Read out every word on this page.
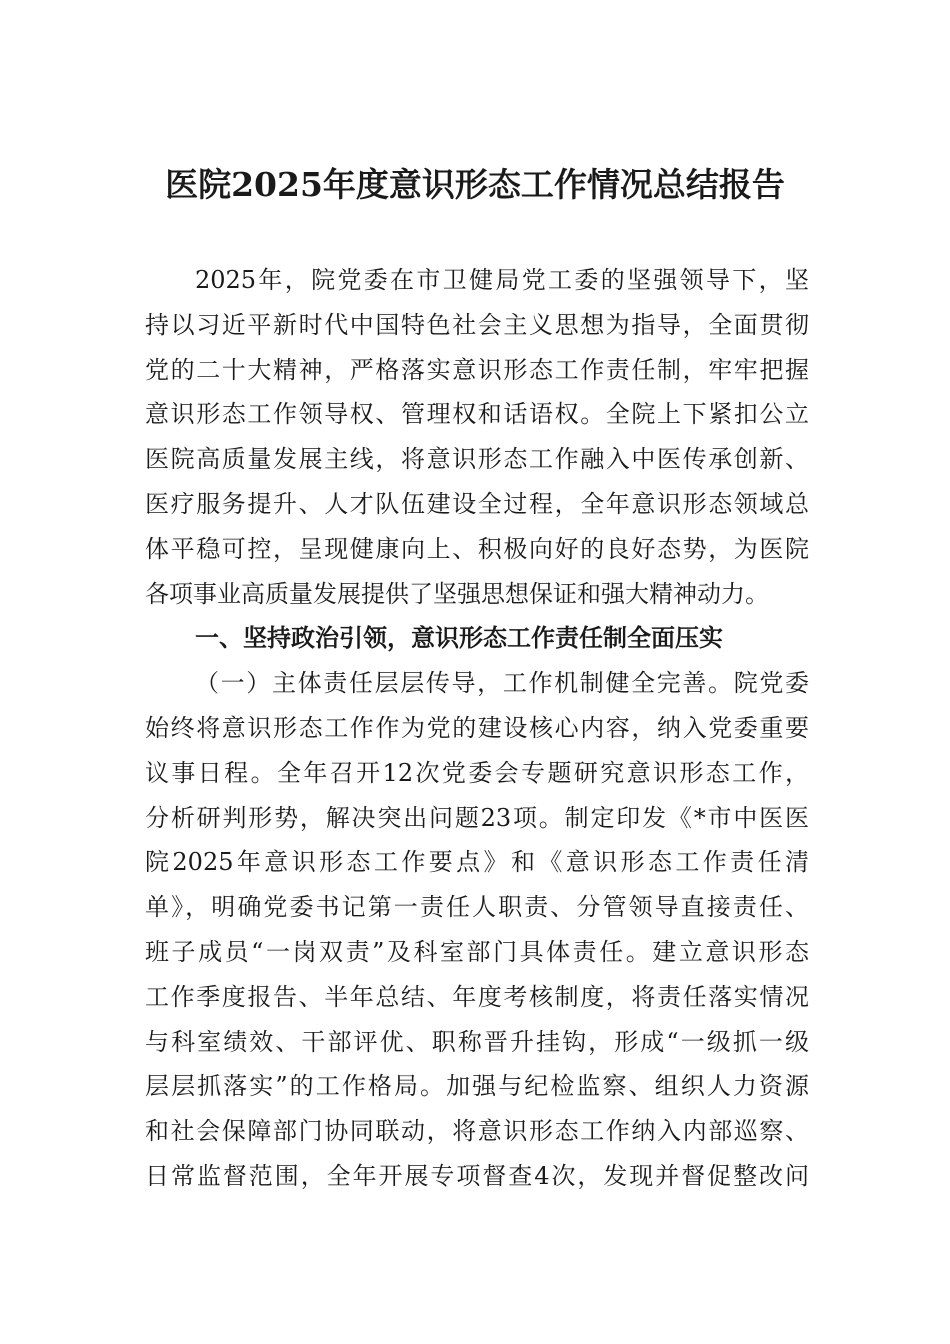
医院2025年度意识形态工作情况总结报告
2025年，院党委在市卫健局党工委的坚强领导下，坚
持以习近平新时代中国特色社会主义思想为指导，全面贯彻
党的二十大精神，严格落实意识形态工作责任制，牢牢把握
意识形态工作领导权、管理权和话语权。全院上下紧扣公立
医院高质量发展主线，将意识形态工作融入中医传承创新、
医疗服务提升、人才队伍建设全过程，全年意识形态领域总
体平稳可控，呈现健康向上、积极向好的良好态势，为医院
各项事业高质量发展提供了坚强思想保证和强大精神动力。
一、坚持政治引领，意识形态工作责任制全面压实
（一）主体责任层层传导，工作机制健全完善。院党委
始终将意识形态工作作为党的建设核心内容，纳入党委重要
议事日程。全年召开12次党委会专题研究意识形态工作，
分析研判形势，解决突出问题23项。制定印发《*市中医医
院2025年意识形态工作要点》和《意识形态工作责任清
单》，明确党委书记第一责任人职责、分管领导直接责任、
班子成员“一岗双责”及科室部门具体责任。建立意识形态
工作季度报告、半年总结、年度考核制度，将责任落实情况
与科室绩效、干部评优、职称晋升挂钩，形成“一级抓一级
层层抓落实”的工作格局。加强与纪检监察、组织人力资源
和社会保障部门协同联动，将意识形态工作纳入内部巡察、
日常监督范围，全年开展专项督查4次，发现并督促整改问
